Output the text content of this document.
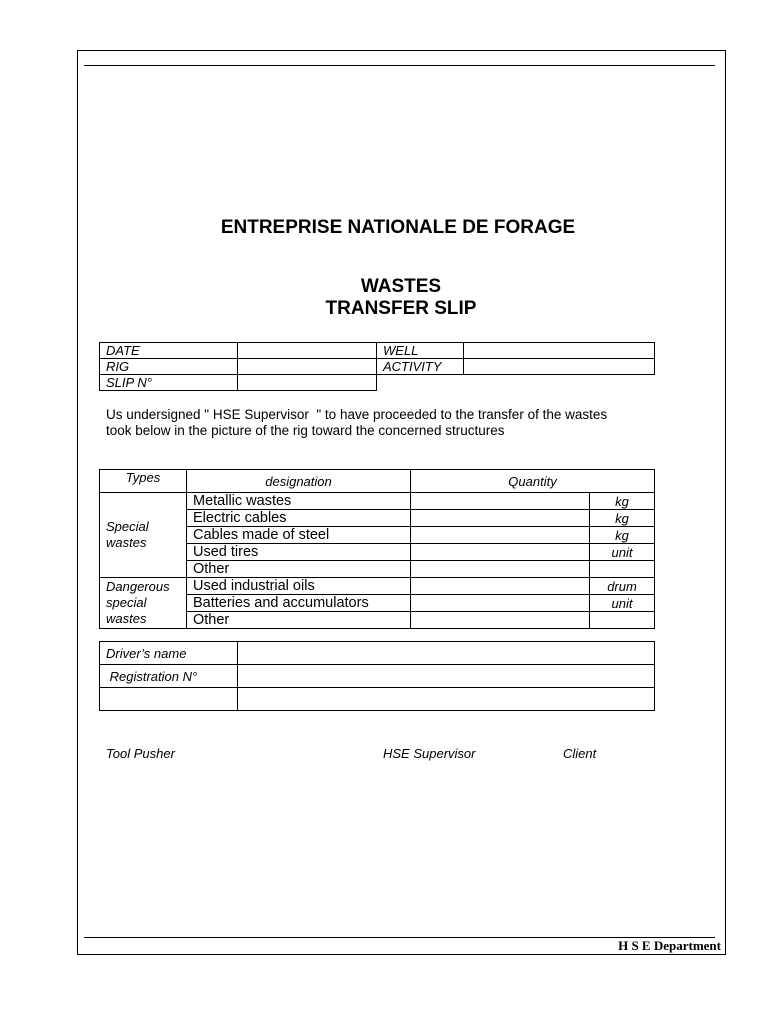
ENTREPRISE NATIONALE DE FORAGE
WASTES
TRANSFER SLIP
DATE		WELL	
RIG		ACTIVITY	
SLIP N°			
Us undersigned " HSE Supervisor  " to have proceeded to the transfer of the wastes
took below in the picture of the rig toward the concerned structures
Types	designation	Quantity	

Special
wastes	Metallic wastes		kg
	Electric cables		kg
	Cables made of steel		kg
	Used tires		unit
	Other		

Dangerous
special
wastes	Used industrial oils		drum
	Batteries and accumulators		unit
	Other		
Driver’s name	
Registration N°	

Tool Pusher	HSE Supervisor	Client
H S E Department
